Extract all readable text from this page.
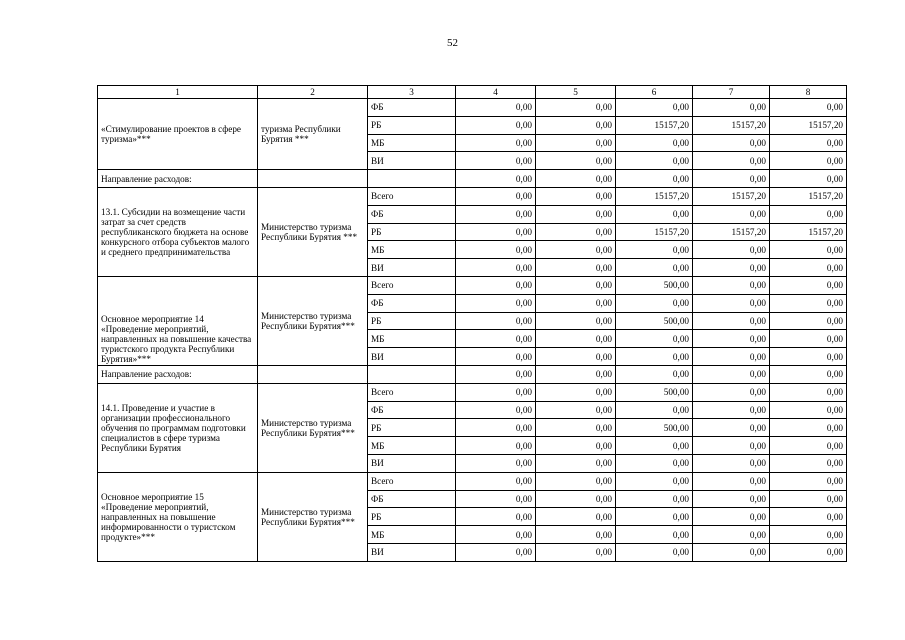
52
1	2	3	4	5	6	7	8
«Стимулирование проектов в сфере туризма»***	туризма Республики Бурятия ***	ФБ	0,00	0,00	0,00	0,00	0,00
		РБ	0,00	0,00	15157,20	15157,20	15157,20
		МБ	0,00	0,00	0,00	0,00	0,00
		ВИ	0,00	0,00	0,00	0,00	0,00
Направление расходов:			0,00	0,00	0,00	0,00	0,00
13.1. Субсидии на возмещение части затрат за счет средств республиканского бюджета на основе конкурсного отбора субъектов малого и среднего предпринимательства	Министерство туризма Республики Бурятия ***	Всего	0,00	0,00	15157,20	15157,20	15157,20
		ФБ	0,00	0,00	0,00	0,00	0,00
		РБ	0,00	0,00	15157,20	15157,20	15157,20
		МБ	0,00	0,00	0,00	0,00	0,00
		ВИ	0,00	0,00	0,00	0,00	0,00
Основное мероприятие 14 «Проведение мероприятий, направленных на повышение качества туристского продукта Республики Бурятия»***	Министерство туризма Республики Бурятия***	Всего	0,00	0,00	500,00	0,00	0,00
		ФБ	0,00	0,00	0,00	0,00	0,00
		РБ	0,00	0,00	500,00	0,00	0,00
		МБ	0,00	0,00	0,00	0,00	0,00
		ВИ	0,00	0,00	0,00	0,00	0,00
Направление расходов:			0,00	0,00	0,00	0,00	0,00
14.1. Проведение и участие в организации профессионального обучения по программам подготовки специалистов в сфере туризма Республики Бурятия	Министерство туризма Республики Бурятия***	Всего	0,00	0,00	500,00	0,00	0,00
		ФБ	0,00	0,00	0,00	0,00	0,00
		РБ	0,00	0,00	500,00	0,00	0,00
		МБ	0,00	0,00	0,00	0,00	0,00
		ВИ	0,00	0,00	0,00	0,00	0,00
Основное мероприятие 15 «Проведение мероприятий, направленных на повышение информированности о туристском продукте»***	Министерство туризма Республики Бурятия***	Всего	0,00	0,00	0,00	0,00	0,00
		ФБ	0,00	0,00	0,00	0,00	0,00
		РБ	0,00	0,00	0,00	0,00	0,00
		МБ	0,00	0,00	0,00	0,00	0,00
		ВИ	0,00	0,00	0,00	0,00	0,00
